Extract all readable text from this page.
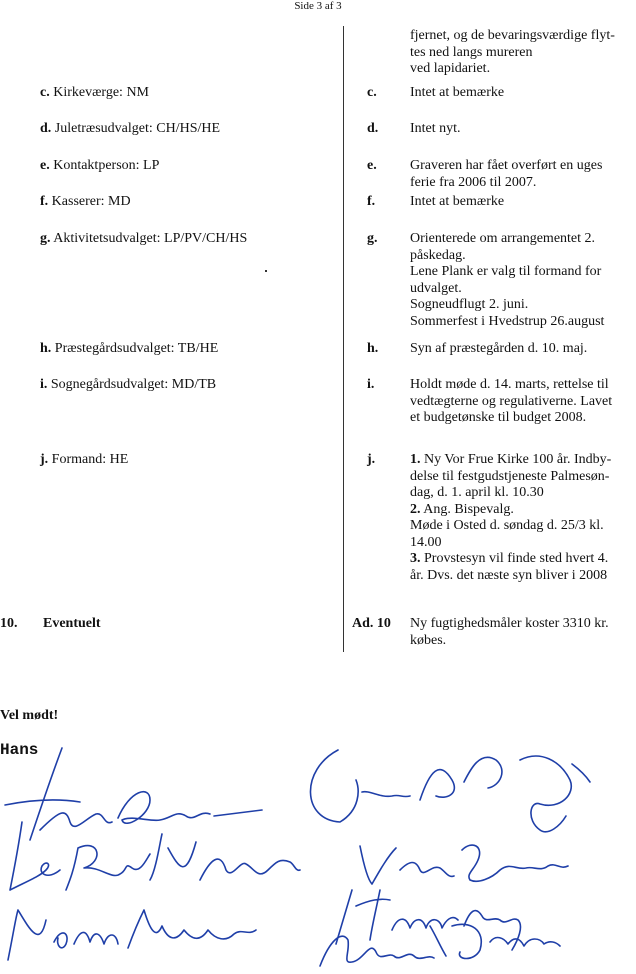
Side 3 af 3
fjernet, og de bevaringsværdige flyt-
tes ned langs mureren
ved lapidariet.
c. Kirkeværge: NM	c. Intet at bemærke
d. Juletræsudvalget: CH/HS/HE	d. Intet nyt.
e. Kontaktperson: LP	e. Graveren har fået overført en uges
ferie fra 2006 til 2007.
f. Kasserer: MD	f. Intet at bemærke
g. Aktivitetsudvalget: LP/PV/CH/HS	g. Orienterede om arrangementet 2.
påskedag.
Lene Plank er valg til formand for
udvalget.
Sogneudflugt 2. juni.
Sommerfest i Hvedstrup 26.august
h. Præstegårdsudvalget: TB/HE	h. Syn af præstegården d. 10. maj.
i. Sognegårdsudvalget: MD/TB	i.	Holdt møde d. 14. marts, rettelse til
vedtægterne og regulativerne. Lavet
et budgetønske til budget 2008.
j. Formand: HE	j. 1. Ny Vor Frue Kirke 100 år. Indby-
delse til festgudstjeneste Palmesøn-
dag, d. 1. april kl. 10.30
2. Ang. Bispevalg.
Møde i Osted d. søndag d. 25/3 kl.
14.00
3. Provstesyn vil finde sted hvert 4.
år. Dvs. det næste syn bliver i 2008
10. Eventuelt	Ad. 10 Ny fugtighedsmåler koster 3310 kr.
købes.
Vel mødt!
Hans
